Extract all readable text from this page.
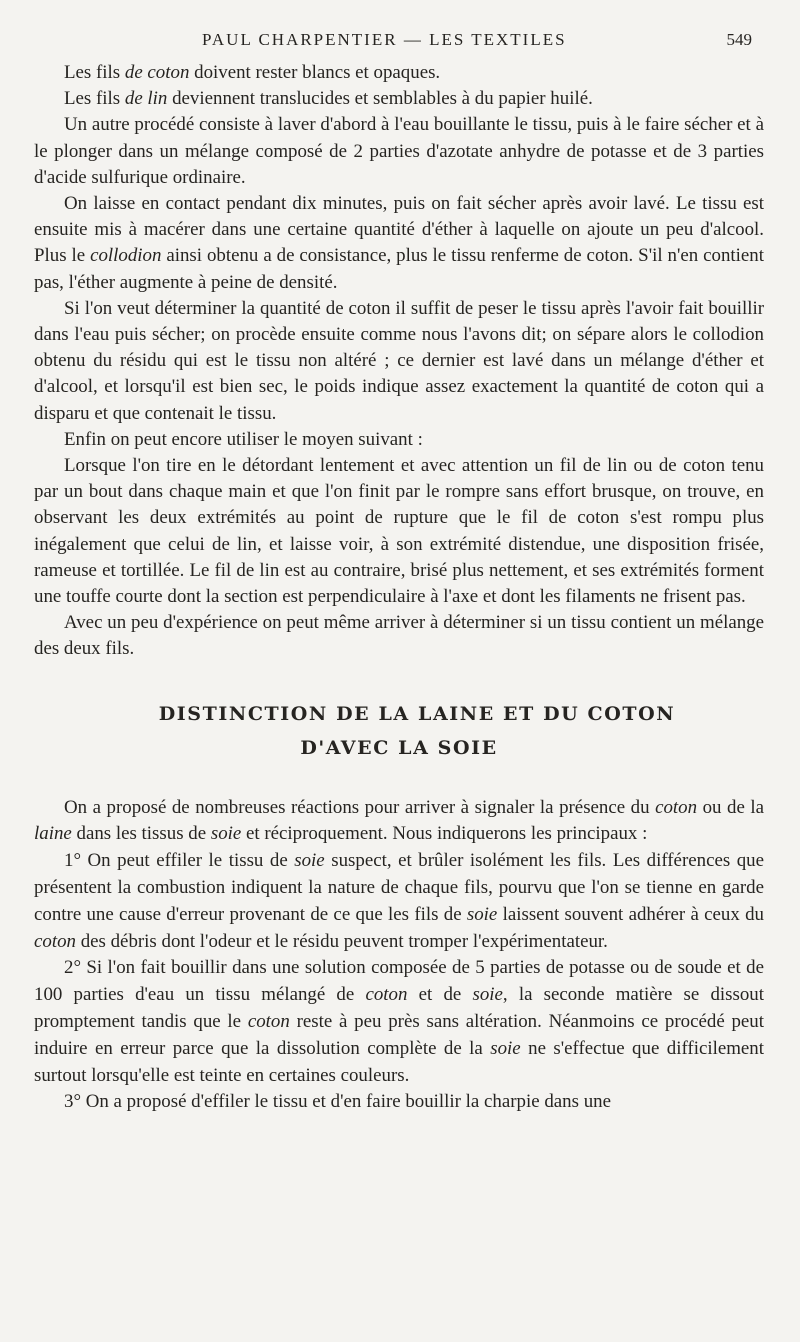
PAUL CHARPENTIER — LES TEXTILES	549

Les fils de coton doivent rester blancs et opaques.

Les fils de lin deviennent translucides et semblables à du papier huilé.

Un autre procédé consiste à laver d'abord à l'eau bouillante le tissu, puis à le faire sécher et à le plonger dans un mélange composé de 2 parties d'azotate anhydre de potasse et de 3 parties d'acide sulfurique ordinaire.

On laisse en contact pendant dix minutes, puis on fait sécher après avoir lavé. Le tissu est ensuite mis à macérer dans une certaine quantité d'éther à laquelle on ajoute un peu d'alcool. Plus le collodion ainsi obtenu a de consistance, plus le tissu renferme de coton. S'il n'en contient pas, l'éther augmente à peine de densité.

Si l'on veut déterminer la quantité de coton il suffit de peser le tissu après l'avoir fait bouillir dans l'eau puis sécher; on procède ensuite comme nous l'avons dit; on sépare alors le collodion obtenu du résidu qui est le tissu non altéré ; ce dernier est lavé dans un mélange d'éther et d'alcool, et lorsqu'il est bien sec, le poids indique assez exactement la quantité de coton qui a disparu et que contenait le tissu.

Enfin on peut encore utiliser le moyen suivant :

Lorsque l'on tire en le détordant lentement et avec attention un fil de lin ou de coton tenu par un bout dans chaque main et que l'on finit par le rompre sans effort brusque, on trouve, en observant les deux extrémités au point de rupture que le fil de coton s'est rompu plus inégalement que celui de lin, et laisse voir, à son extrémité distendue, une disposition frisée, rameuse et tortillée. Le fil de lin est au contraire, brisé plus nettement, et ses extrémités forment une touffe courte dont la section est perpendiculaire à l'axe et dont les filaments ne frisent pas.

Avec un peu d'expérience on peut même arriver à déterminer si un tissu contient un mélange des deux fils.

DISTINCTION DE LA LAINE ET DU COTON
D'AVEC LA SOIE

On a proposé de nombreuses réactions pour arriver à signaler la présence du coton ou de la laine dans les tissus de soie et réciproquement. Nous indiquerons les principaux :

1° On peut effiler le tissu de soie suspect, et brûler isolément les fils. Les différences que présentent la combustion indiquent la nature de chaque fils, pourvu que l'on se tienne en garde contre une cause d'erreur provenant de ce que les fils de soie laissent souvent adhérer à ceux du coton des débris dont l'odeur et le résidu peuvent tromper l'expérimentateur.

2° Si l'on fait bouillir dans une solution composée de 5 parties de potasse ou de soude et de 100 parties d'eau un tissu mélangé de coton et de soie, la seconde matière se dissout promptement tandis que le coton reste à peu près sans altération. Néanmoins ce procédé peut induire en erreur parce que la dissolution complète de la soie ne s'effectue que difficilement surtout lorsqu'elle est teinte en certaines couleurs.

3° On a proposé d'effiler le tissu et d'en faire bouillir la charpie dans une
